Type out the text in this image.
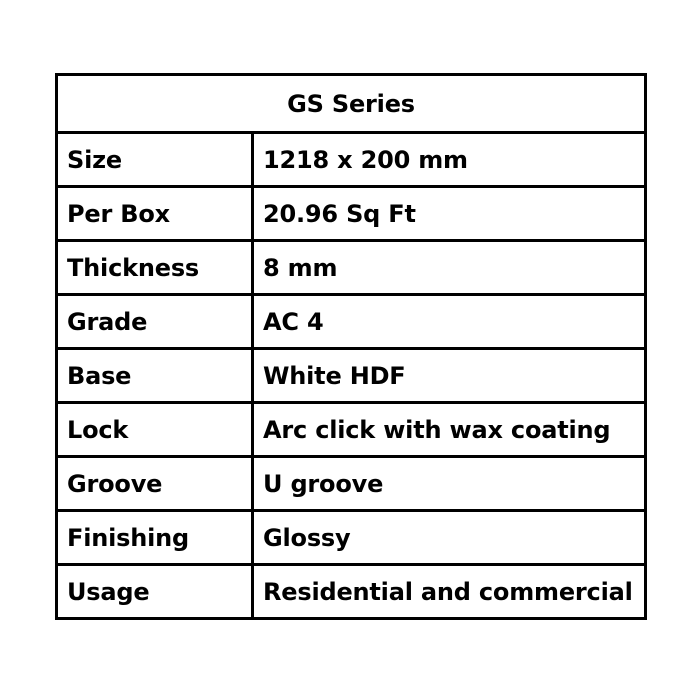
GS Series	
Size	1218 x 200 mm
Per Box	20.96 Sq Ft
Thickness	8 mm
Grade	AC 4
Base	White HDF
Lock	Arc click with wax coating
Groove	U groove
Finishing	Glossy
Usage	Residential and commercial
